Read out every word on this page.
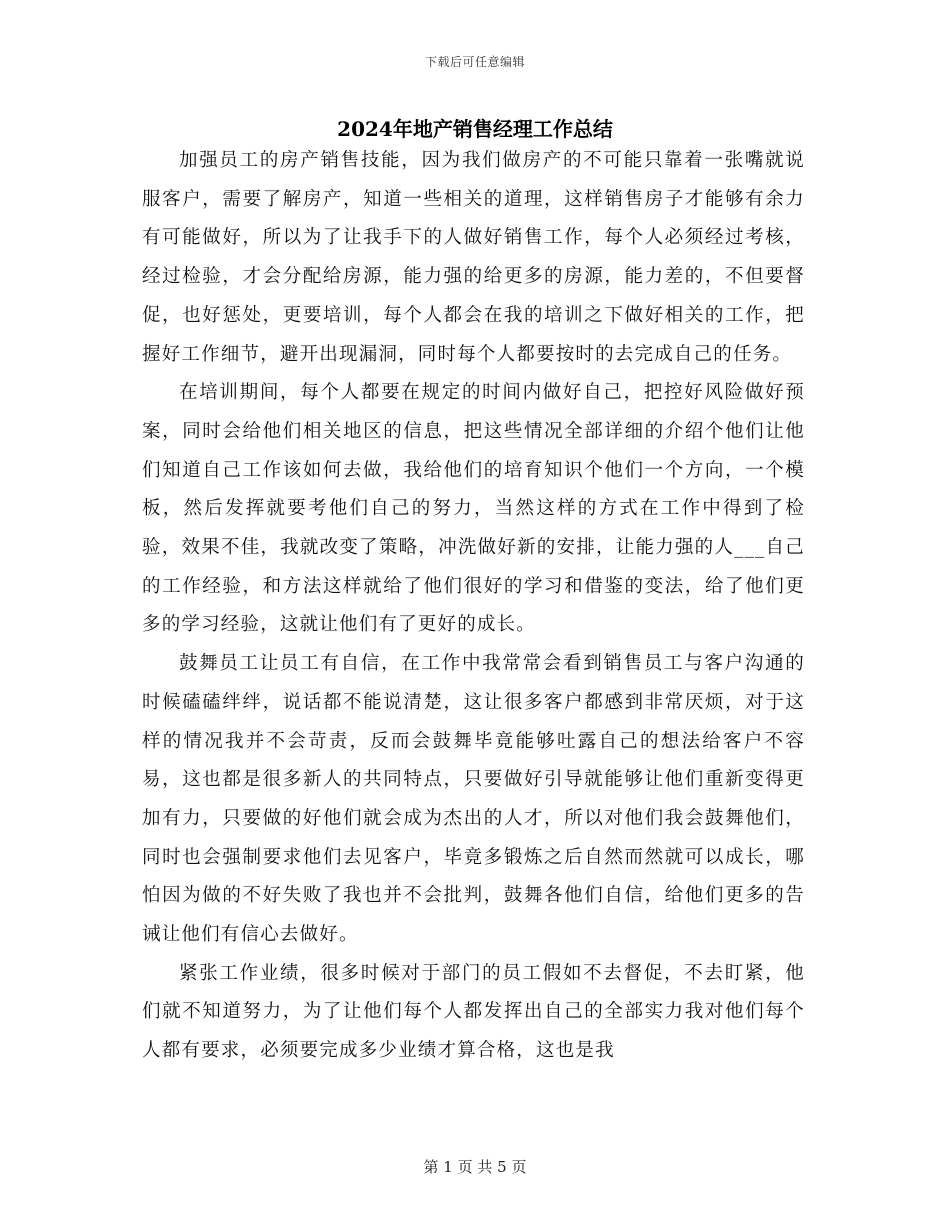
下载后可任意编辑
2024年地产销售经理工作总结

加强员工的房产销售技能，因为我们做房产的不可能只靠着一张嘴就说服客户，需要了解房产，知道一些相关的道理，这样销售房子才能够有余力有可能做好，所以为了让我手下的人做好销售工作，每个人必须经过考核，经过检验，才会分配给房源，能力强的给更多的房源，能力差的，不但要督促，也好惩处，更要培训，每个人都会在我的培训之下做好相关的工作，把握好工作细节，避开出现漏洞，同时每个人都要按时的去完成自己的任务。

在培训期间，每个人都要在规定的时间内做好自己，把控好风险做好预案，同时会给他们相关地区的信息，把这些情况全部详细的介绍个他们让他们知道自己工作该如何去做，我给他们的培育知识个他们一个方向，一个模板，然后发挥就要考他们自己的努力，当然这样的方式在工作中得到了检验，效果不佳，我就改变了策略，冲洗做好新的安排，让能力强的人___自己的工作经验，和方法这样就给了他们很好的学习和借鉴的变法，给了他们更多的学习经验，这就让他们有了更好的成长。

鼓舞员工让员工有自信，在工作中我常常会看到销售员工与客户沟通的时候磕磕绊绊，说话都不能说清楚，这让很多客户都感到非常厌烦，对于这样的情况我并不会苛责，反而会鼓舞毕竟能够吐露自己的想法给客户不容易，这也都是很多新人的共同特点，只要做好引导就能够让他们重新变得更加有力，只要做的好他们就会成为杰出的人才，所以对他们我会鼓舞他们，同时也会强制要求他们去见客户，毕竟多锻炼之后自然而然就可以成长，哪怕因为做的不好失败了我也并不会批判，鼓舞各他们自信，给他们更多的告诫让他们有信心去做好。

紧张工作业绩，很多时候对于部门的员工假如不去督促，不去盯紧，他们就不知道努力，为了让他们每个人都发挥出自己的全部实力我对他们每个人都有要求，必须要完成多少业绩才算合格，这也是我

第 1 页 共 5 页
